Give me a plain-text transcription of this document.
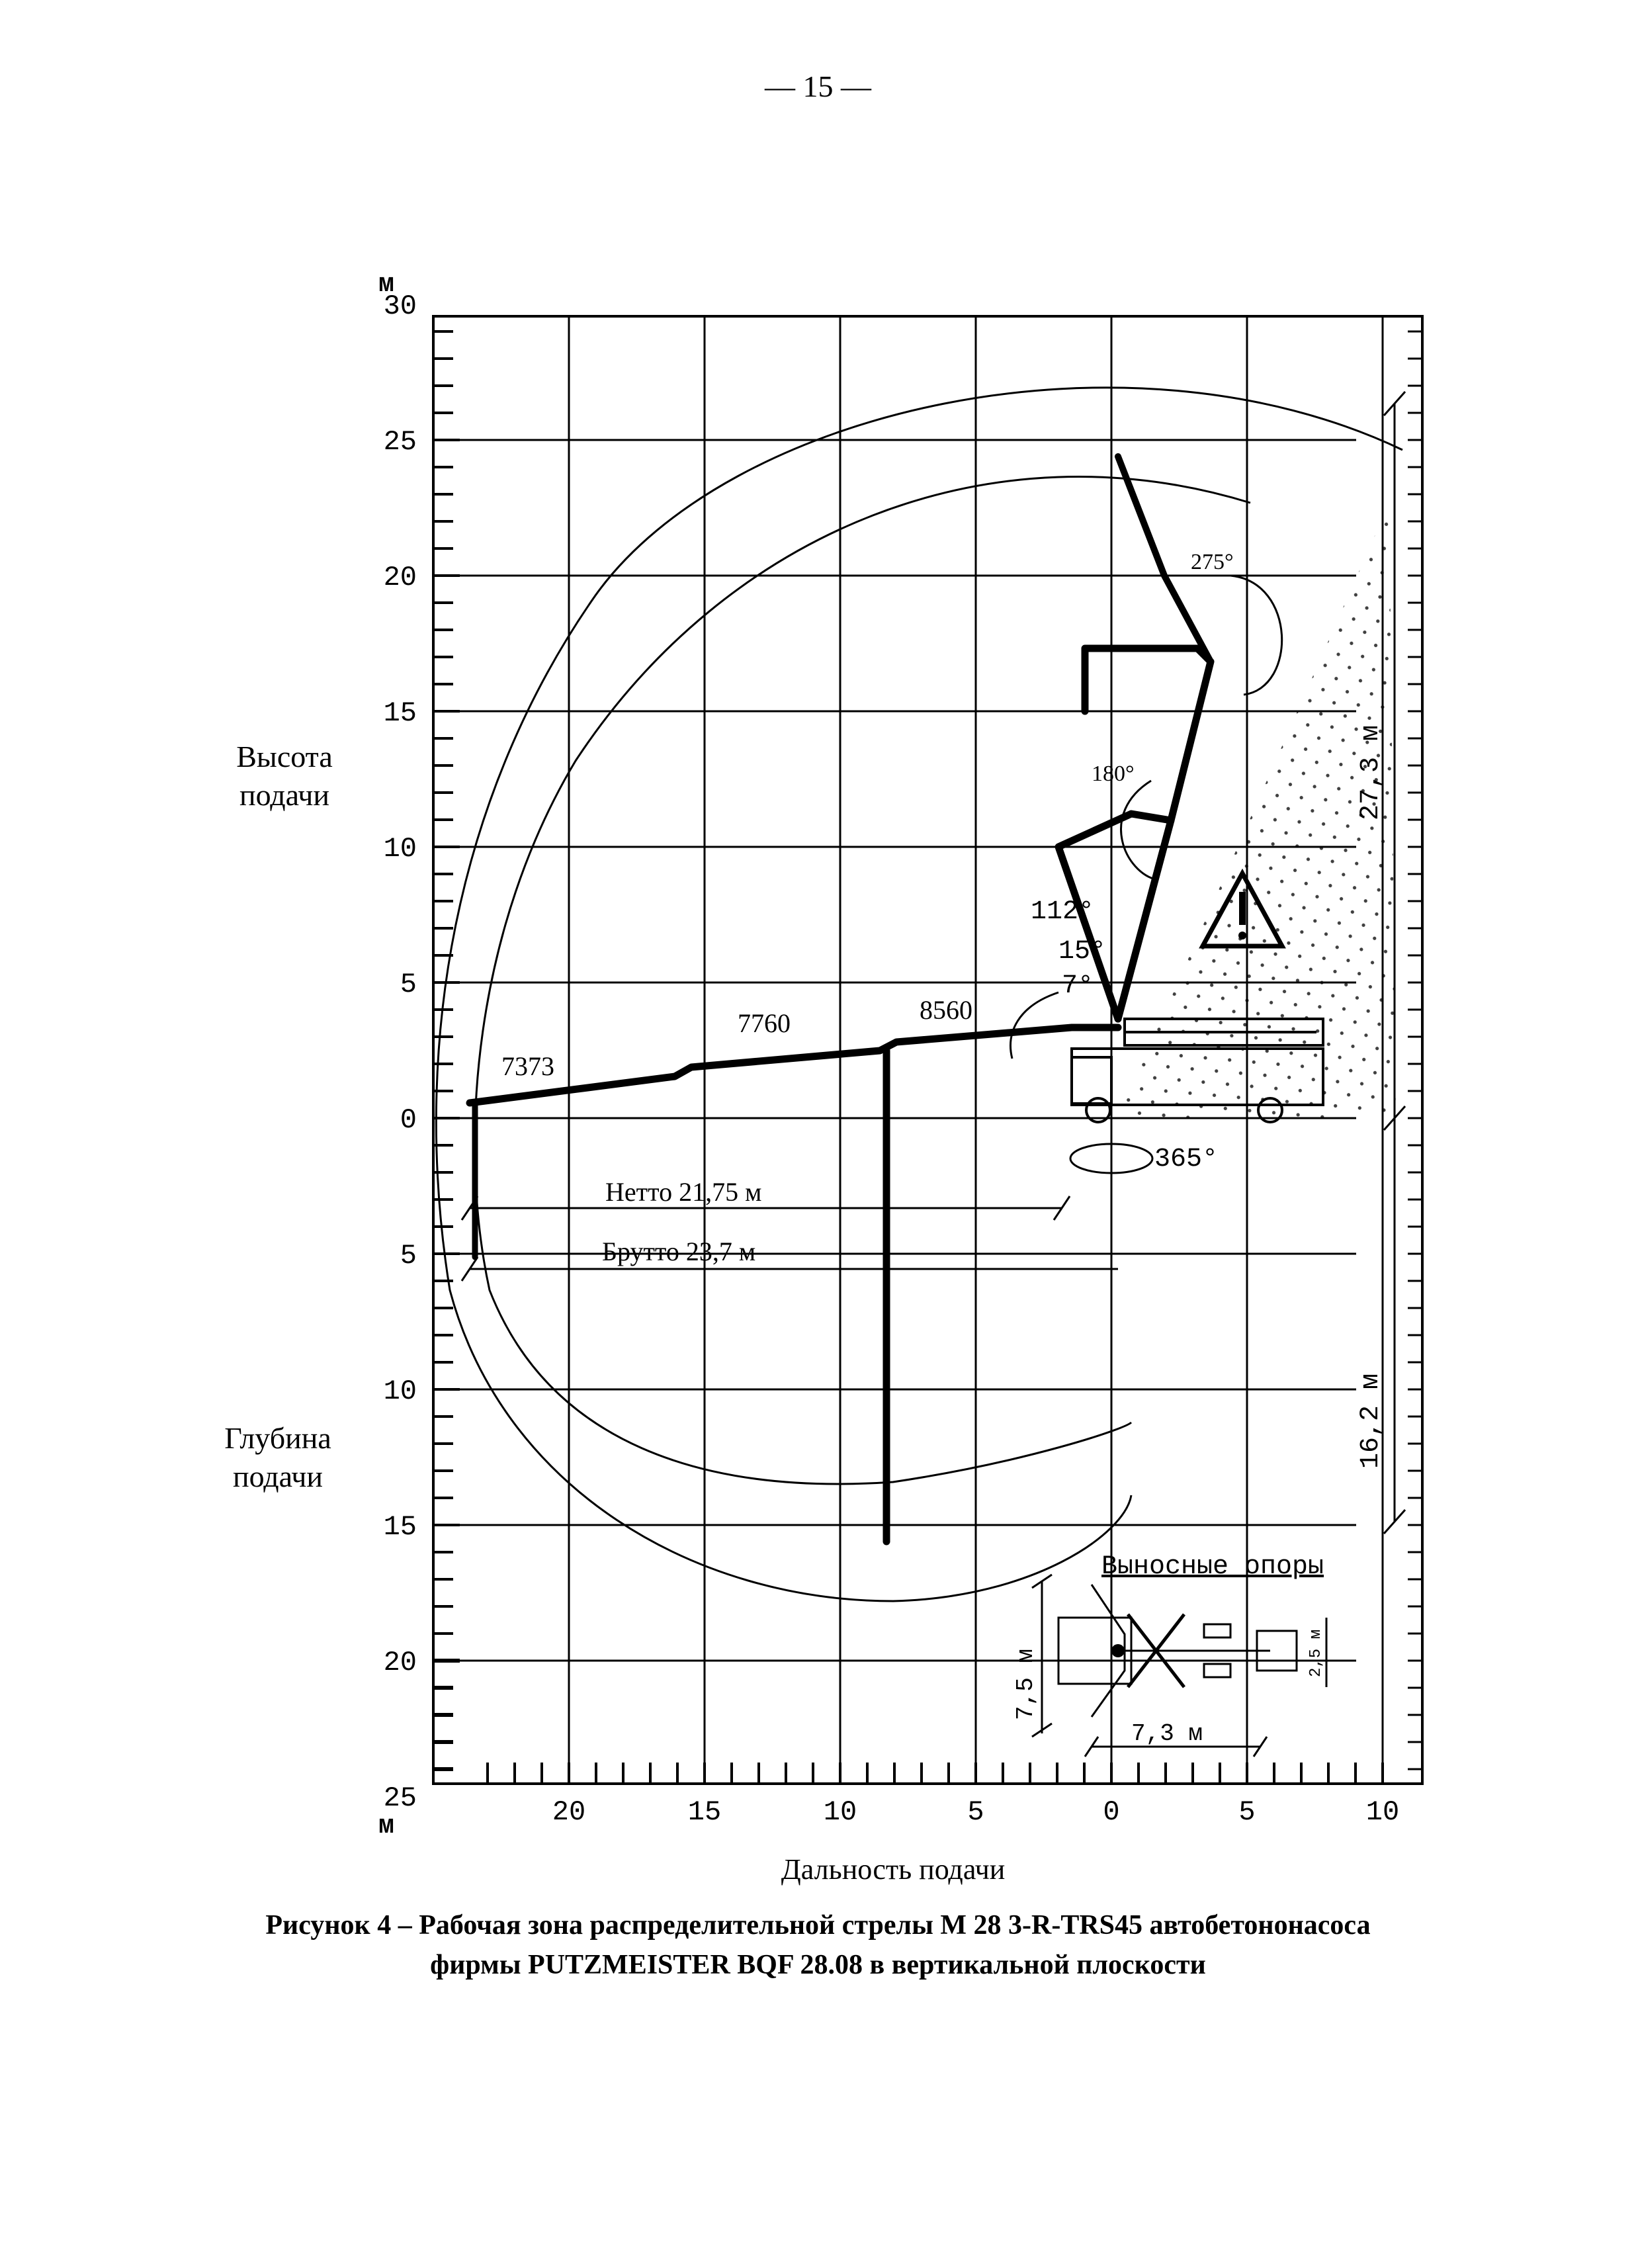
— 15 —
м
м
30
25
20
15
10
5
0
5
10
15
20
25	20	15	10	5	0	5	10
7373
7760	8560
275°
180°
112°
15°
7°
365°
Нетто 21,75 м
Брутто 23,7 м
27,3 м
16,2 м
Выносные опоры
7,5 м
7,3 м
2,5 м
Высота
подачи
Глубина
подачи
Дальность подачи
Рисунок 4 – Рабочая зона распределительной стрелы М 28 3-R-TRS45 автобетононасоса
фирмы PUTZMEISTER BQF 28.08 в вертикальной плоскости
